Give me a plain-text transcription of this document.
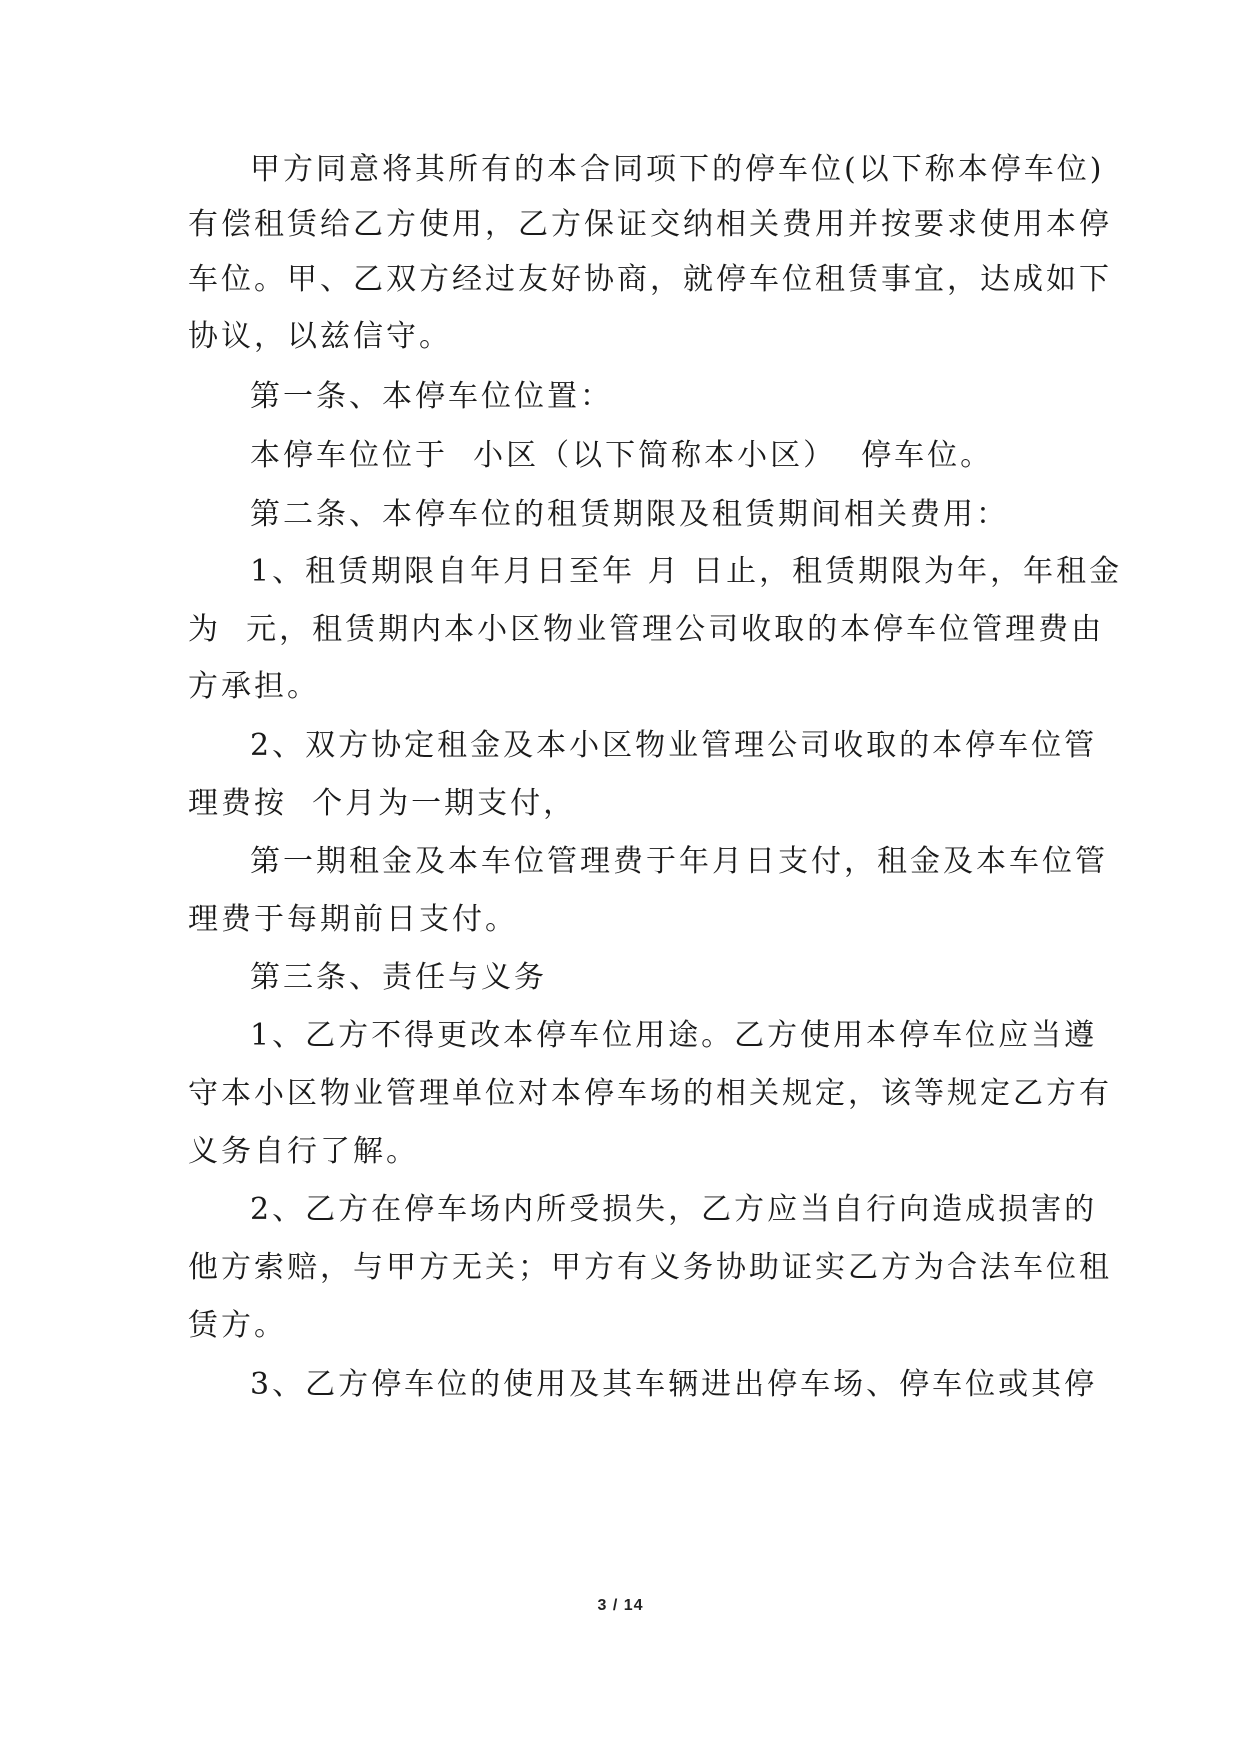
甲方同意将其所有的本合同项下的停车位(以下称本停车位)
有偿租赁给乙方使用，乙方保证交纳相关费用并按要求使用本停
车位。甲、乙双方经过友好协商，就停车位租赁事宜，达成如下
协议，以兹信守。
第一条、本停车位位置：
本停车位位于  小区（以下简称本小区）  停车位。
第二条、本停车位的租赁期限及租赁期间相关费用：
1、租赁期限自年月日至年 月 日止，租赁期限为年，年租金
为  元，租赁期内本小区物业管理公司收取的本停车位管理费由
方承担。
2、双方协定租金及本小区物业管理公司收取的本停车位管
理费按  个月为一期支付，
第一期租金及本车位管理费于年月日支付，租金及本车位管
理费于每期前日支付。
第三条、责任与义务
1、乙方不得更改本停车位用途。乙方使用本停车位应当遵
守本小区物业管理单位对本停车场的相关规定，该等规定乙方有
义务自行了解。
2、乙方在停车场内所受损失，乙方应当自行向造成损害的
他方索赔，与甲方无关；甲方有义务协助证实乙方为合法车位租
赁方。
3、乙方停车位的使用及其车辆进出停车场、停车位或其停
3 / 14
